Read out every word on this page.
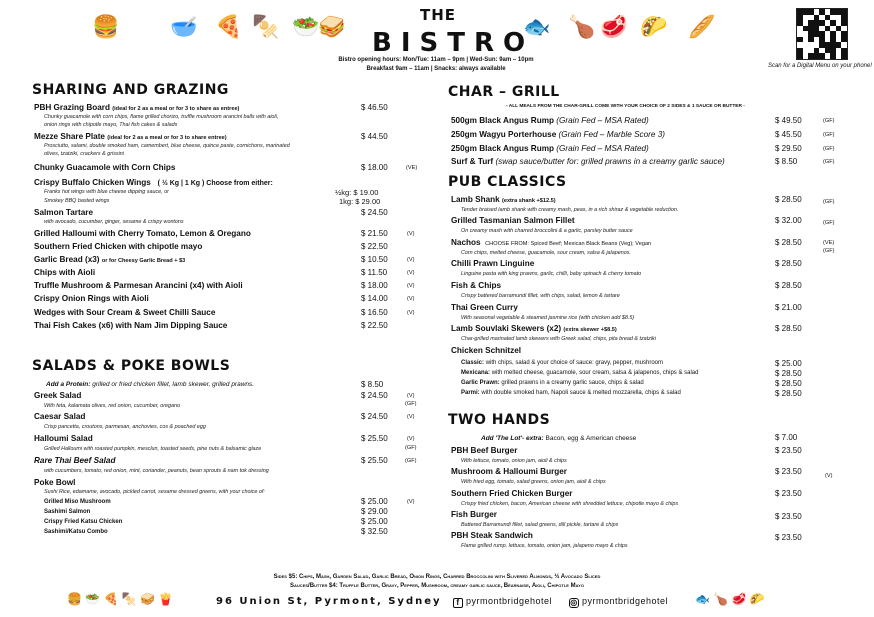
THE
BISTRO
Bistro opening hours: Mon/Tue: 11am – 9pm | Wed-Sun: 9am – 10pm
Breakfast 9am – 11am | Snacks: always available
🍔 🥣 🍕 🍢 🥗
🥪	🐟 🍗 🥩 🌮 🥖
Scan for a Digital Menu on your phone!
SHARING AND GRAZING
PBH Grazing Board (ideal for 2 as a meal or for 3 to share as entree)	$ 46.50
Chunky guacamole with corn chips, flame grilled chorizo, truffle mushroom arancini balls with aioli,
onion rings with chipotle mayo, Thai fish cakes & salads
Mezze Share Plate (ideal for 2 as a meal or for 3 to share entree)	$ 44.50
Prosciutto, salami, double smoked ham, camembert, blue cheese, quince paste, cornichons, marinated
olives, tzatziki, crackers & grissini
Chunky Guacamole with Corn Chips	$ 18.00	(VE)
Crispy Buffalo Chicken Wings ( ½ Kg | 1 Kg ) Choose from either:
Franks hot wings with blue cheese dipping sauce, or
Smokey BBQ basted wings
½kg: $ 19.00
1kg: $ 29.00
Salmon Tartare	$ 24.50
with avocado, cucumber, ginger, sesame & crispy wontons
Grilled Halloumi with Cherry Tomato, Lemon & Oregano	$ 21.50	(V)
Southern Fried Chicken with chipotle mayo	$ 22.50
Garlic Bread (x3) or for Cheesy Garlic Bread + $3	$ 10.50	(V)
Chips with Aioli	$ 11.50	(V)
Truffle Mushroom & Parmesan Arancini (x4) with Aioli	$ 18.00	(V)
Crispy Onion Rings with Aioli	$ 14.00	(V)
Wedges with Sour Cream & Sweet Chilli Sauce	$ 16.50	(V)
Thai Fish Cakes (x6) with Nam Jim Dipping Sauce	$ 22.50
SALADS & POKE BOWLS
Add a Protein: grilled or fried chicken fillet, lamb skewer, grilled prawns.	$ 8.50
Greek Salad	$ 24.50	(V)
(GF)
With feta, kalamata olives, red onion, cucumber, oregano
Caesar Salad	$ 24.50	(V)
Crisp pancetta, croutons, parmesan, anchovies, cos & poached egg
Halloumi Salad	$ 25.50	(V)
(GF)
Grilled Halloumi with roasted pumpkin, mesclun, toasted seeds, pine nuts & balsamic glaze
Rare Thai Beef Salad	$ 25.50	(GF)
with cucumbers, tomato, red onion, mint, coriander, peanuts, bean sprouts & nam tok dressing
Poke Bowl
Sushi Rice, edamame, avocado, pickled carrot, sesame dressed greens, with your choice of:
Grilled Miso Mushroom	$ 25.00	(V)
Sashimi Salmon	$ 29.00
Crispy Fried Katsu Chicken	$ 25.00
Sashimi/Katsu Combo	$ 32.50
CHAR – GRILL
- ALL MEALS FROM THE CHAR-GRILL COME WITH YOUR CHOICE OF 2 SIDES & 1 SAUCE OR BUTTER -
500gm Black Angus Rump (Grain Fed – MSA Rated)	$ 49.50	(GF)
250gm Wagyu Porterhouse (Grain Fed – Marble Score 3)	$ 45.50	(GF)
250gm Black Angus Rump (Grain Fed – MSA Rated)	$ 29.50	(GF)
Surf & Turf (swap sauce/butter for: grilled prawns in a creamy garlic sauce)	$ 8.50	(GF)
PUB CLASSICS
Lamb Shank (extra shank +$12.5)	$ 28.50	(GF)
Tender braised lamb shank with creamy mash, peas, in a rich shiraz & vegetable reduction.
Grilled Tasmanian Salmon Fillet	$ 32.00	(GF)
On creamy mash with charred broccolini & a garlic, parsley butter sauce
Nachos CHOOSE FROM: Spiced Beef; Mexican Black Beans (Veg); Vegan	$ 28.50	(VE)
(GF)
Corn chips, melted cheese, guacamole, sour cream, salsa & jalapenos.
Chilli Prawn Linguine	$ 28.50
Linguine pasta with king prawns, garlic, chilli, baby spinach & cherry tomato
Fish & Chips	$ 28.50
Crispy battered barramundi fillet, with chips, salad, lemon & tartare
Thai Green Curry	$ 21.00
With seasonal vegetable & steamed jasmine rice (with chicken add $8.5)
Lamb Souvlaki Skewers (x2) (extra skewer +$8.5)	$ 28.50
Char-grilled marinated lamb skewers with Greek salad, chips, pita bread & tzatziki
Chicken Schnitzel
Classic: with chips, salad & your choice of sauce: gravy, pepper, mushroom	$ 25.00
Mexicana: with melted cheese, guacamole, sour cream, salsa & jalapenos, chips & salad	$ 28.50
Garlic Prawn: grilled prawns in a creamy garlic sauce, chips & salad	$ 28.50
Parmi: with double smoked ham, Napoli sauce & melted mozzarella, chips & salad	$ 28.50
TWO HANDS
Add 'The Lot'- extra: Bacon, egg & American cheese	$ 7.00
PBH Beef Burger	$ 23.50
With lettuce, tomato, onion jam, aioli & chips
Mushroom & Halloumi Burger	$ 23.50	(V)
With fried egg, tomato, salad greens, onion jam, aioli & chips
Southern Fried Chicken Burger	$ 23.50
Crispy fried chicken, bacon, American cheese with shredded lettuce, chipotle mayo & chips
Fish Burger	$ 23.50
Battered Barramundi fillet, salad greens, dill pickle, tartare & chips
PBH Steak Sandwich	$ 23.50
Flame grilled rump, lettuce, tomato, onion jam, jalapeno mayo & chips
Sides $5: Chips, Mash, Garden Salad, Garlic Bread, Onion Rings, Charred Broccolini with Slivered Almonds, ½ Avocado Sliced
Sauces/Butter $4: Truffle Butter, Gravy, Pepper, Mushroom, creamy garlic sauce, Béarnaise, Aioli, Chipotle Mayo
96 Union St, Pyrmont, Sydney	f pyrmontbridgehotel ◎ pyrmontbridgehotel
🍔 🥗 🍕 🍢 🥪 🍟	🐟 🍗 🥩 🌮
